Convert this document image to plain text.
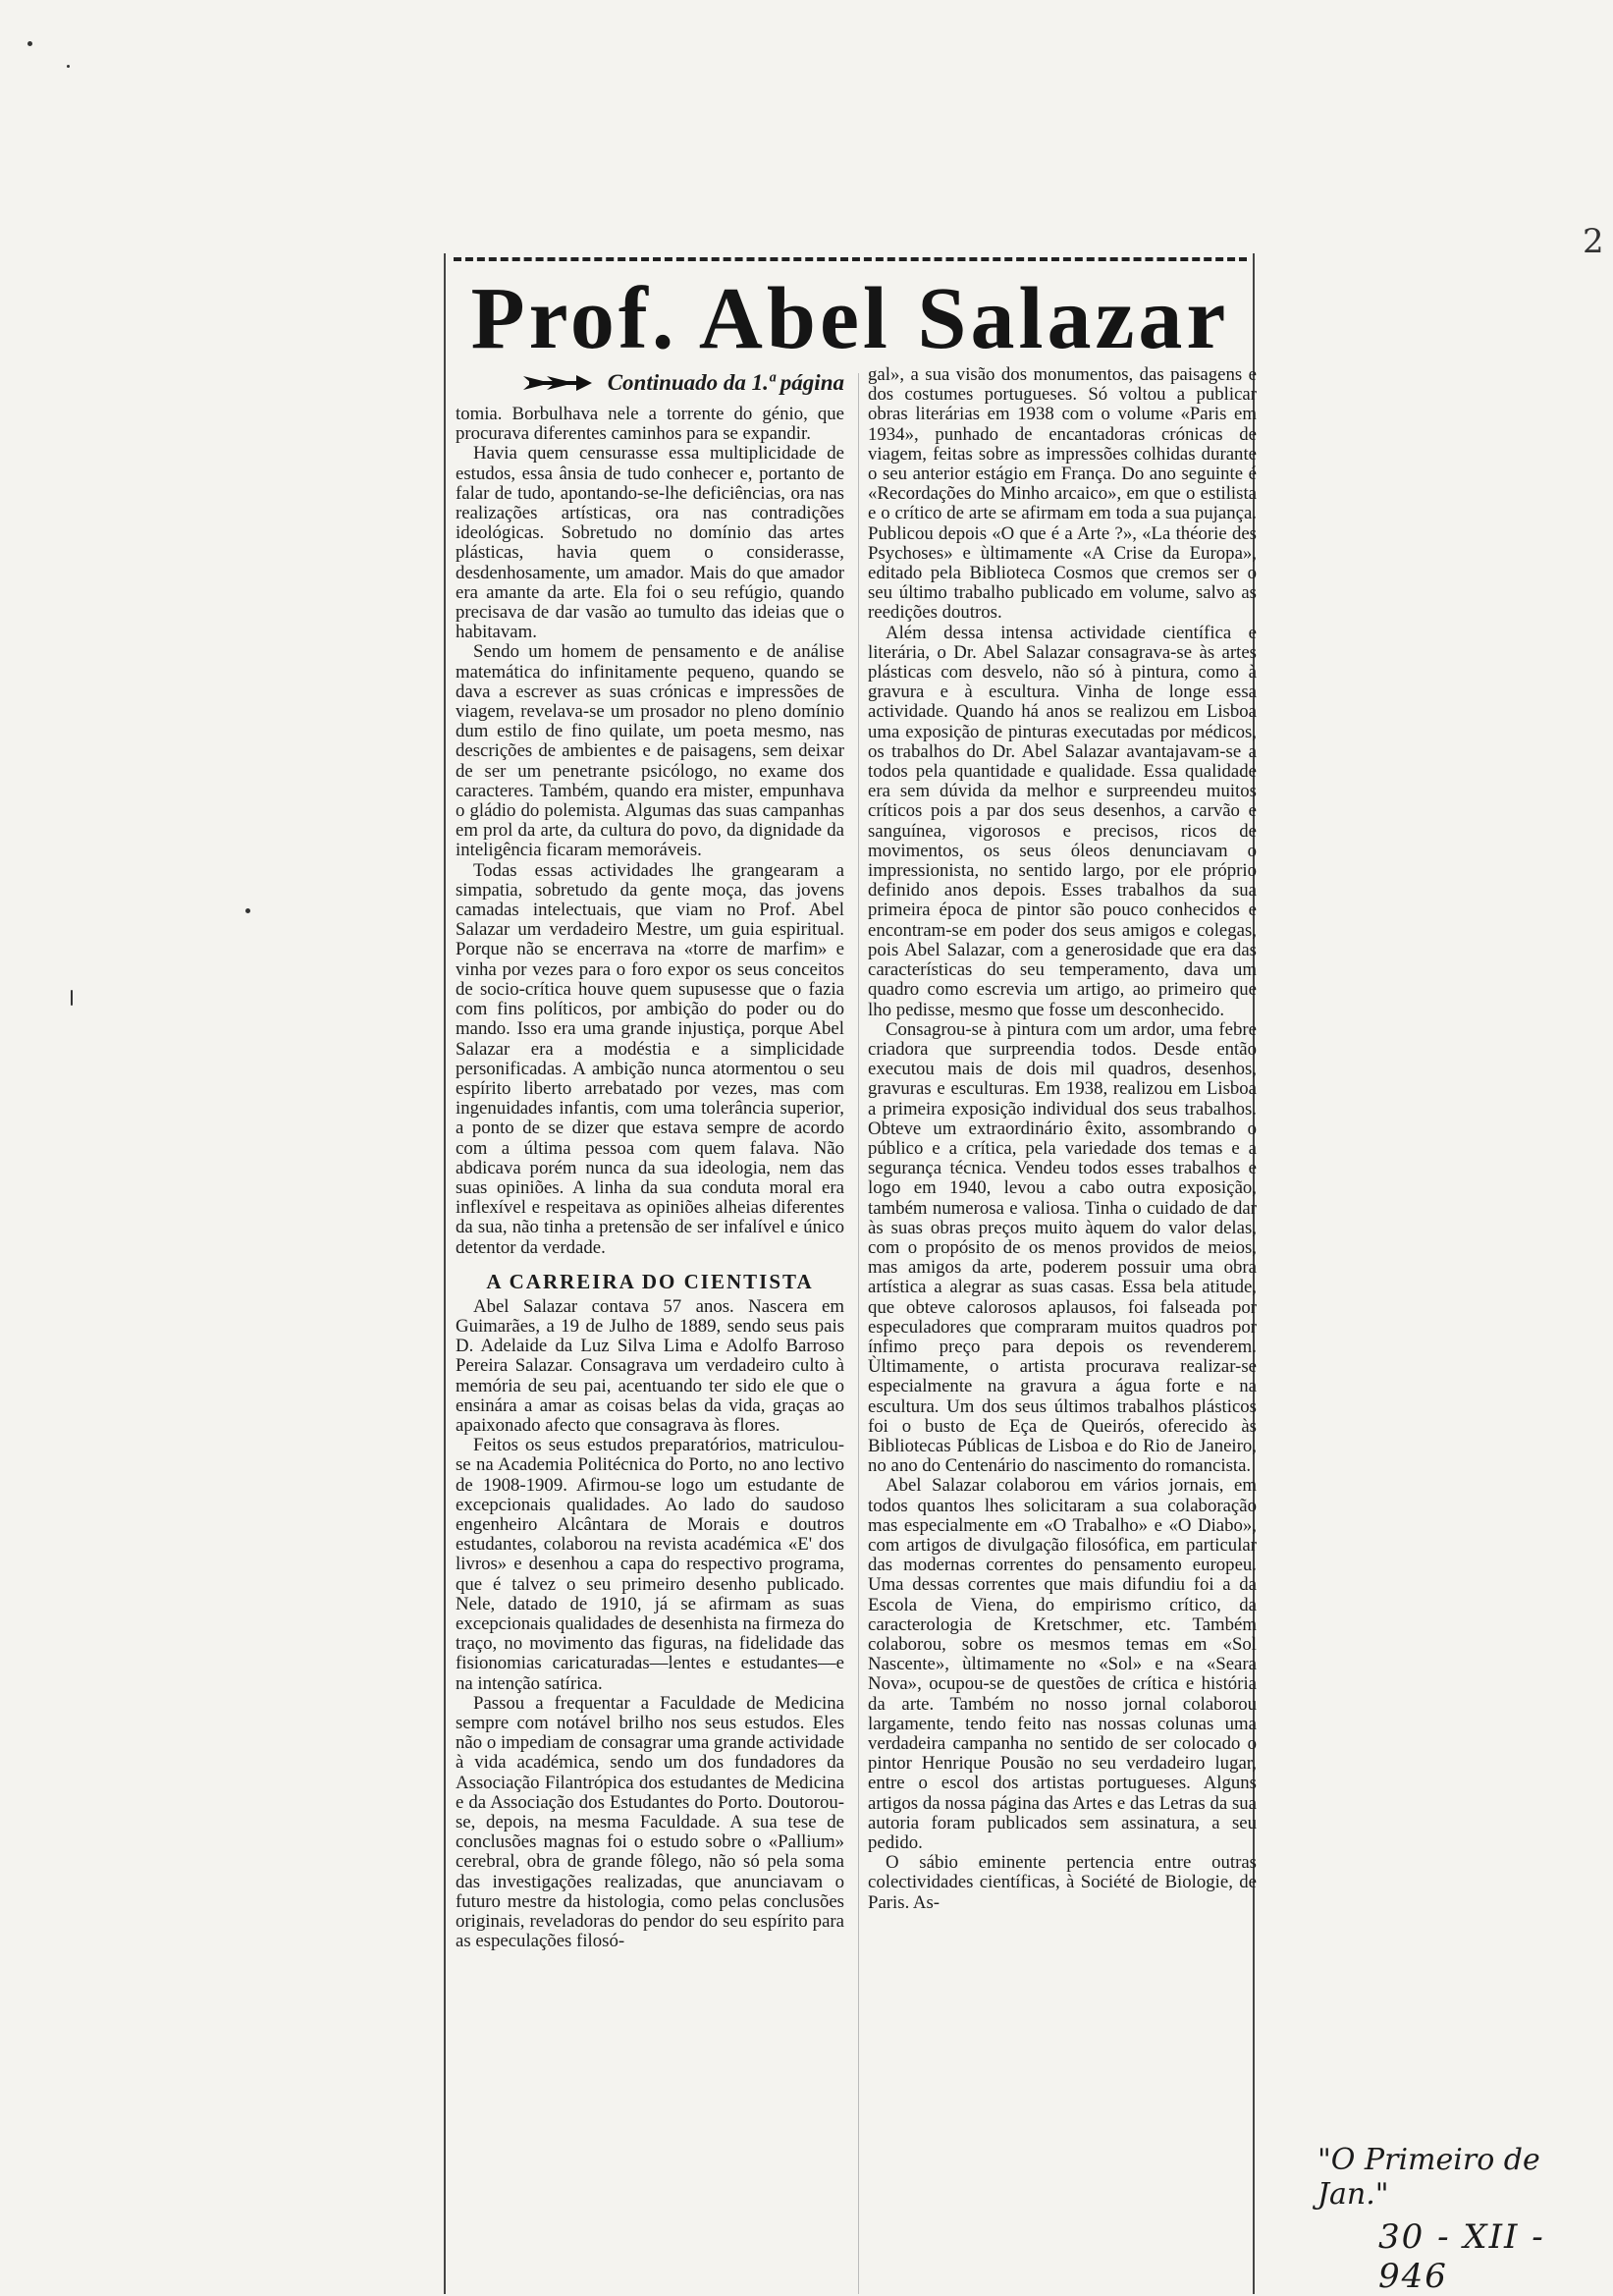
2
Prof. Abel Salazar
Continuado da 1.ª página

tomia. Borbulhava nele a torrente do génio, que procurava diferentes caminhos para se expandir.

Havia quem censurasse essa multiplicidade de estudos, essa ânsia de tudo conhecer e, portanto de falar de tudo, apontando-se-lhe deficiências, ora nas realizações artísticas, ora nas contradições ideológicas. Sobretudo no domínio das artes plásticas, havia quem o considerasse, desdenhosamente, um amador. Mais do que amador era amante da arte. Ela foi o seu refúgio, quando precisava de dar vasão ao tumulto das ideias que o habitavam.

Sendo um homem de pensamento e de análise matemática do infinitamente pequeno, quando se dava a escrever as suas crónicas e impressões de viagem, revelava-se um prosador no pleno domínio dum estilo de fino quilate, um poeta mesmo, nas descrições de ambientes e de paisagens, sem deixar de ser um penetrante psicólogo, no exame dos caracteres. Também, quando era mister, empunhava o gládio do polemista. Algumas das suas campanhas em prol da arte, da cultura do povo, da dignidade da inteligência ficaram memoráveis.

Todas essas actividades lhe grangearam a simpatia, sobretudo da gente moça, das jovens camadas intelectuais, que viam no Prof. Abel Salazar um verdadeiro Mestre, um guia espiritual. Porque não se encerrava na «torre de marfim» e vinha por vezes para o foro expor os seus conceitos de socio-crítica houve quem supusesse que o fazia com fins políticos, por ambição do poder ou do mando. Isso era uma grande injustiça, porque Abel Salazar era a modéstia e a simplicidade personificadas. A ambição nunca atormentou o seu espírito liberto arrebatado por vezes, mas com ingenuidades infantis, com uma tolerância superior, a ponto de se dizer que estava sempre de acordo com a última pessoa com quem falava. Não abdicava porém nunca da sua ideologia, nem das suas opiniões. A linha da sua conduta moral era inflexível e respeitava as opiniões alheias diferentes da sua, não tinha a pretensão de ser infalível e único detentor da verdade.

A CARREIRA DO CIENTISTA

Abel Salazar contava 57 anos. Nascera em Guimarães, a 19 de Julho de 1889, sendo seus pais D. Adelaide da Luz Silva Lima e Adolfo Barroso Pereira Salazar. Consagrava um verdadeiro culto à memória de seu pai, acentuando ter sido ele que o ensinára a amar as coisas belas da vida, graças ao apaixonado afecto que consagrava às flores.

Feitos os seus estudos preparatórios, matriculou-se na Academia Politécnica do Porto, no ano lectivo de 1908-1909. Afirmou-se logo um estudante de excepcionais qualidades. Ao lado do saudoso engenheiro Alcântara de Morais e doutros estudantes, colaborou na revista académica «E' dos livros» e desenhou a capa do respectivo programa, que é talvez o seu primeiro desenho publicado. Nele, datado de 1910, já se afirmam as suas excepcionais qualidades de desenhista na firmeza do traço, no movimento das figuras, na fidelidade das fisionomias caricaturadas—lentes e estudantes—e na intenção satírica.

Passou a frequentar a Faculdade de Medicina sempre com notável brilho nos seus estudos. Eles não o impediam de consagrar uma grande actividade à vida académica, sendo um dos fundadores da Associação Filantrópica dos estudantes de Medicina e da Associação dos Estudantes do Porto. Doutorou-se, depois, na mesma Faculdade. A sua tese de conclusões magnas foi o estudo sobre o «Pallium» cerebral, obra de grande fôlego, não só pela soma das investigações realizadas, que anunciavam o futuro mestre da histologia, como pelas conclusões originais, reveladoras do pendor do seu espírito para as especulações filosó-

gal», a sua visão dos monumentos, das paisagens e dos costumes portugueses. Só voltou a publicar obras literárias em 1938 com o volume «Paris em 1934», punhado de encantadoras crónicas de viagem, feitas sobre as impressões colhidas durante o seu anterior estágio em França. Do ano seguinte é «Recordações do Minho arcaico», em que o estilista e o crítico de arte se afirmam em toda a sua pujança. Publicou depois «O que é a Arte ?», «La théorie des Psychoses» e ùltimamente «A Crise da Europa», editado pela Biblioteca Cosmos que cremos ser o seu último trabalho publicado em volume, salvo as reedições doutros.

Além dessa intensa actividade científica e literária, o Dr. Abel Salazar consagrava-se às artes plásticas com desvelo, não só à pintura, como à gravura e à escultura. Vinha de longe essa actividade. Quando há anos se realizou em Lisboa uma exposição de pinturas executadas por médicos, os trabalhos do Dr. Abel Salazar avantajavam-se a todos pela quantidade e qualidade. Essa qualidade era sem dúvida da melhor e surpreendeu muitos críticos pois a par dos seus desenhos, a carvão e sanguínea, vigorosos e precisos, ricos de movimentos, os seus óleos denunciavam o impressionista, no sentido largo, por ele próprio definido anos depois. Esses trabalhos da sua primeira época de pintor são pouco conhecidos e encontram-se em poder dos seus amigos e colegas, pois Abel Salazar, com a generosidade que era das características do seu temperamento, dava um quadro como escrevia um artigo, ao primeiro que lho pedisse, mesmo que fosse um desconhecido.

Consagrou-se à pintura com um ardor, uma febre criadora que surpreendia todos. Desde então executou mais de dois mil quadros, desenhos, gravuras e esculturas. Em 1938, realizou em Lisboa a primeira exposição individual dos seus trabalhos. Obteve um extraordinário êxito, assombrando o público e a crítica, pela variedade dos temas e a segurança técnica. Vendeu todos esses trabalhos e logo em 1940, levou a cabo outra exposição, também numerosa e valiosa. Tinha o cuidado de dar às suas obras preços muito àquem do valor delas, com o propósito de os menos providos de meios, mas amigos da arte, poderem possuir uma obra artística a alegrar as suas casas. Essa bela atitude, que obteve calorosos aplausos, foi falseada por especuladores que compraram muitos quadros por ínfimo preço para depois os revenderem. Ùltimamente, o artista procurava realizar-se especialmente na gravura a água forte e na escultura. Um dos seus últimos trabalhos plásticos foi o busto de Eça de Queirós, oferecido às Bibliotecas Públicas de Lisboa e do Rio de Janeiro, no ano do Centenário do nascimento do romancista.

Abel Salazar colaborou em vários jornais, em todos quantos lhes solicitaram a sua colaboração mas especialmente em «O Trabalho» e «O Diabo», com artigos de divulgação filosófica, em particular das modernas correntes do pensamento europeu. Uma dessas correntes que mais difundiu foi a da Escola de Viena, do empirismo crítico, da caracterologia de Kretschmer, etc. Também colaborou, sobre os mesmos temas em «Sol Nascente», ùltimamente no «Sol» e na «Seara Nova», ocupou-se de questões de crítica e história da arte. Também no nosso jornal colaborou largamente, tendo feito nas nossas colunas uma verdadeira campanha no sentido de ser colocado o pintor Henrique Pousão no seu verdadeiro lugar, entre o escol dos artistas portugueses. Alguns artigos da nossa página das Artes e das Letras da sua autoria foram publicados sem assinatura, a seu pedido.

O sábio eminente pertencia entre outras colectividades científicas, à Société de Biologie, de Paris. As-

"O Primeiro de Jan."
30 - XII - 946
